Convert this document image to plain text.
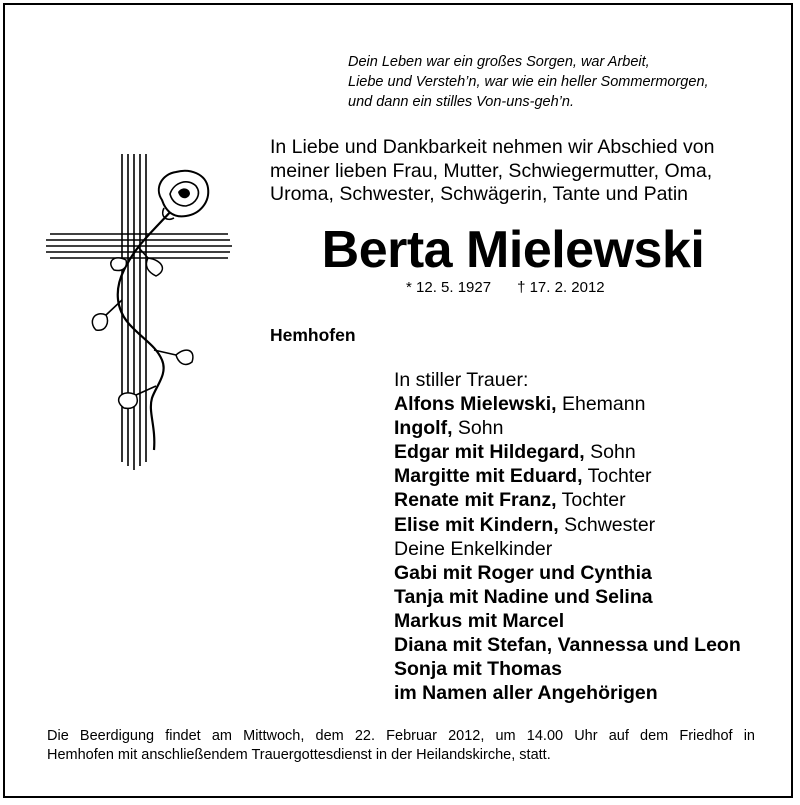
Dein Leben war ein großes Sorgen, war Arbeit,
Liebe und Versteh’n, war wie ein heller Sommermorgen,
und dann ein stilles Von-uns-geh’n.
In Liebe und Dankbarkeit nehmen wir Abschied von
meiner lieben Frau, Mutter, Schwiegermutter, Oma,
Uroma, Schwester, Schwägerin, Tante und Patin
Berta Mielewski
* 12. 5. 1927 † 17. 2. 2012
Hemhofen
In stiller Trauer:
Alfons Mielewski, Ehemann
Ingolf, Sohn
Edgar mit Hildegard, Sohn
Margitte mit Eduard, Tochter
Renate mit Franz, Tochter
Elise mit Kindern, Schwester
Deine Enkelkinder
Gabi mit Roger und Cynthia
Tanja mit Nadine und Selina
Markus mit Marcel
Diana mit Stefan, Vannessa und Leon
Sonja mit Thomas
im Namen aller Angehörigen
Die Beerdigung findet am Mittwoch, dem 22. Februar 2012, um 14.00 Uhr auf dem Friedhof in
Hemhofen mit anschließendem Trauergottesdienst in der Heilandskirche, statt.
